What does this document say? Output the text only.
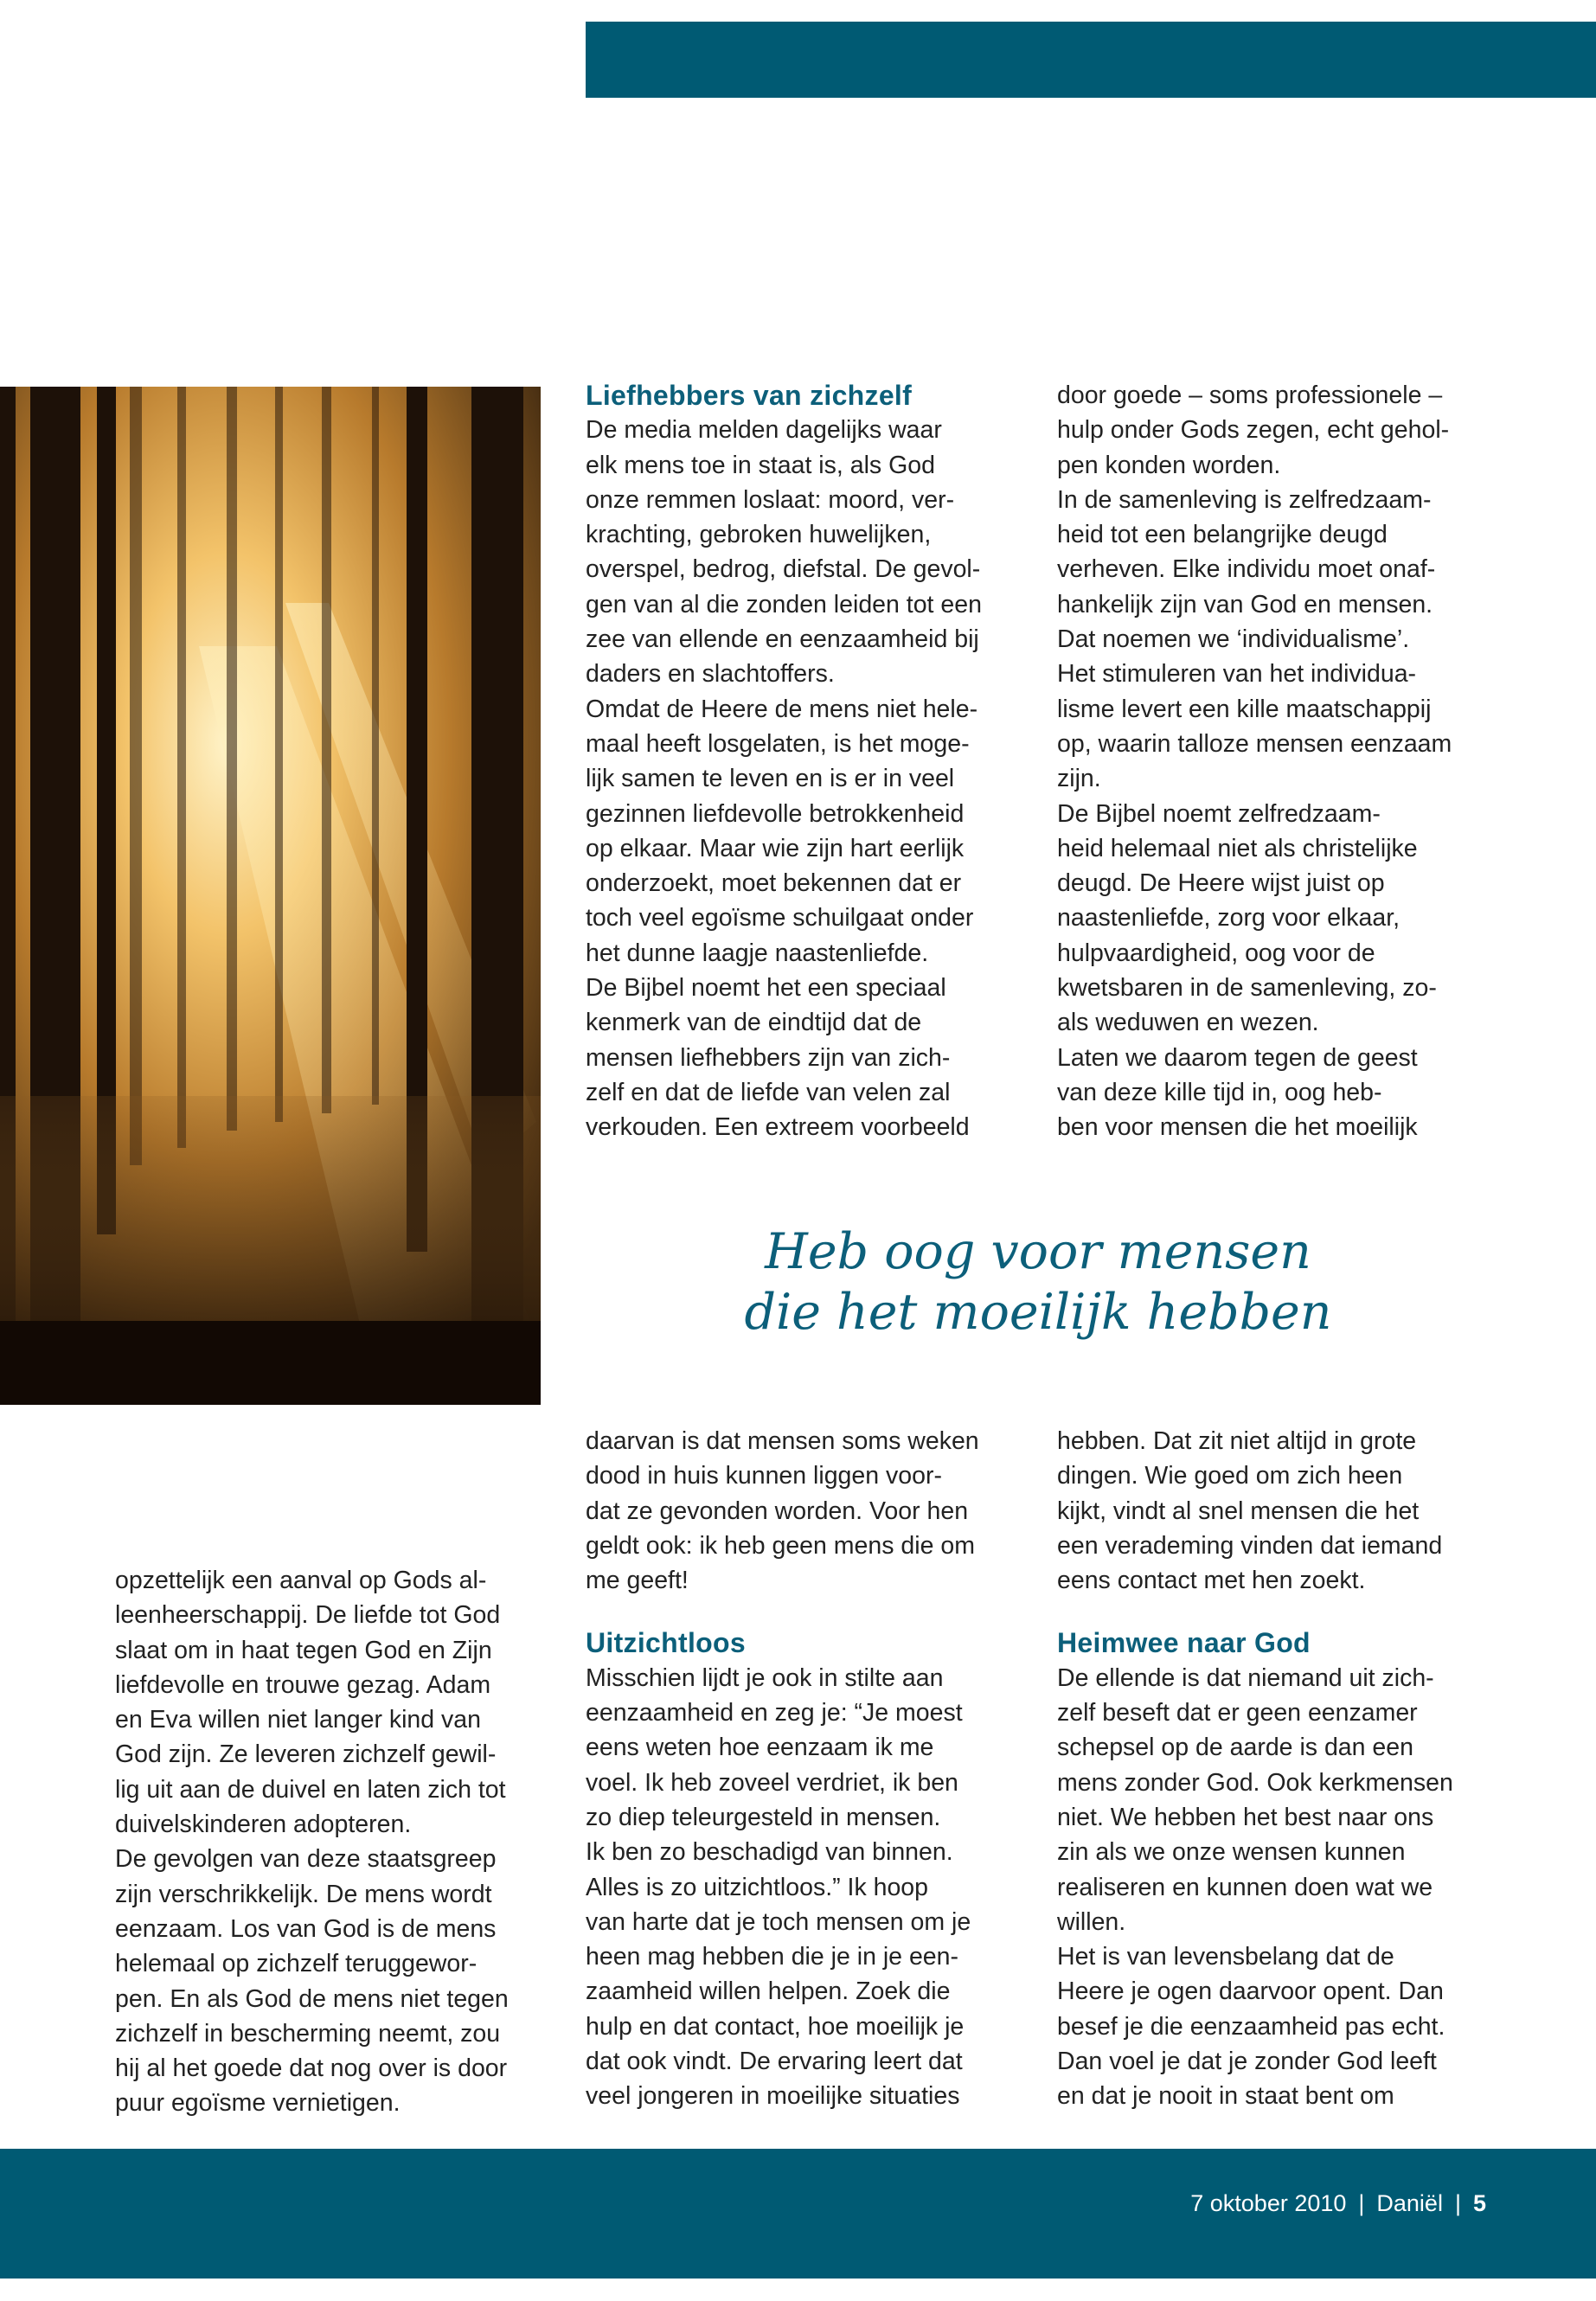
Liefhebbers van zichzelf

De media melden dagelijks waar
elk mens toe in staat is, als God
onze remmen loslaat: moord, ver-
krachting, gebroken huwelijken,
overspel, bedrog, diefstal. De gevol-
gen van al die zonden leiden tot een
zee van ellende en eenzaamheid bij
daders en slachtoffers.
Omdat de Heere de mens niet hele-
maal heeft losgelaten, is het moge-
lijk samen te leven en is er in veel
gezinnen liefdevolle betrokkenheid
op elkaar. Maar wie zijn hart eerlijk
onderzoekt, moet bekennen dat er
toch veel egoïsme schuilgaat onder
het dunne laagje naastenliefde.
De Bijbel noemt het een speciaal
kenmerk van de eindtijd dat de
mensen liefhebbers zijn van zich-
zelf en dat de liefde van velen zal
verkouden. Een extreem voorbeeld

door goede – soms professionele –
hulp onder Gods zegen, echt gehol-
pen konden worden.
In de samenleving is zelfredzaam-
heid tot een belangrijke deugd
verheven. Elke individu moet onaf-
hankelijk zijn van God en mensen.
Dat noemen we ‘individualisme’.
Het stimuleren van het individua-
lisme levert een kille maatschappij
op, waarin talloze mensen eenzaam
zijn.
De Bijbel noemt zelfredzaam-
heid helemaal niet als christelijke
deugd. De Heere wijst juist op
naastenliefde, zorg voor elkaar,
hulpvaardigheid, oog voor de
kwetsbaren in de samenleving, zo-
als weduwen en wezen.
Laten we daarom tegen de geest
van deze kille tijd in, oog heb-
ben voor mensen die het moeilijk

Heb oog voor mensen
die het moeilijk hebben

opzettelijk een aanval op Gods al-
leenheerschappij. De liefde tot God
slaat om in haat tegen God en Zijn
liefdevolle en trouwe gezag. Adam
en Eva willen niet langer kind van
God zijn. Ze leveren zichzelf gewil-
lig uit aan de duivel en laten zich tot
duivelskinderen adopteren.
De gevolgen van deze staatsgreep
zijn verschrikkelijk. De mens wordt
eenzaam. Los van God is de mens
helemaal op zichzelf teruggewor-
pen. En als God de mens niet tegen
zichzelf in bescherming neemt, zou
hij al het goede dat nog over is door
puur egoïsme vernietigen.

daarvan is dat mensen soms weken
dood in huis kunnen liggen voor-
dat ze gevonden worden. Voor hen
geldt ook: ik heb geen mens die om
me geeft!

Uitzichtloos

Misschien lijdt je ook in stilte aan
eenzaamheid en zeg je: “Je moest
eens weten hoe eenzaam ik me
voel. Ik heb zoveel verdriet, ik ben
zo diep teleurgesteld in mensen.
Ik ben zo beschadigd van binnen.
Alles is zo uitzichtloos.” Ik hoop
van harte dat je toch mensen om je
heen mag hebben die je in je een-
zaamheid willen helpen. Zoek die
hulp en dat contact, hoe moeilijk je
dat ook vindt. De ervaring leert dat
veel jongeren in moeilijke situaties

hebben. Dat zit niet altijd in grote
dingen. Wie goed om zich heen
kijkt, vindt al snel mensen die het
een verademing vinden dat iemand
eens contact met hen zoekt.

Heimwee naar God

De ellende is dat niemand uit zich-
zelf beseft dat er geen eenzamer
schepsel op de aarde is dan een
mens zonder God. Ook kerkmensen
niet. We hebben het best naar ons
zin als we onze wensen kunnen
realiseren en kunnen doen wat we
willen.
Het is van levensbelang dat de
Heere je ogen daarvoor opent. Dan
besef je die eenzaamheid pas echt.
Dan voel je dat je zonder God leeft
en dat je nooit in staat bent om

7 oktober 2010 | Daniël | 5
